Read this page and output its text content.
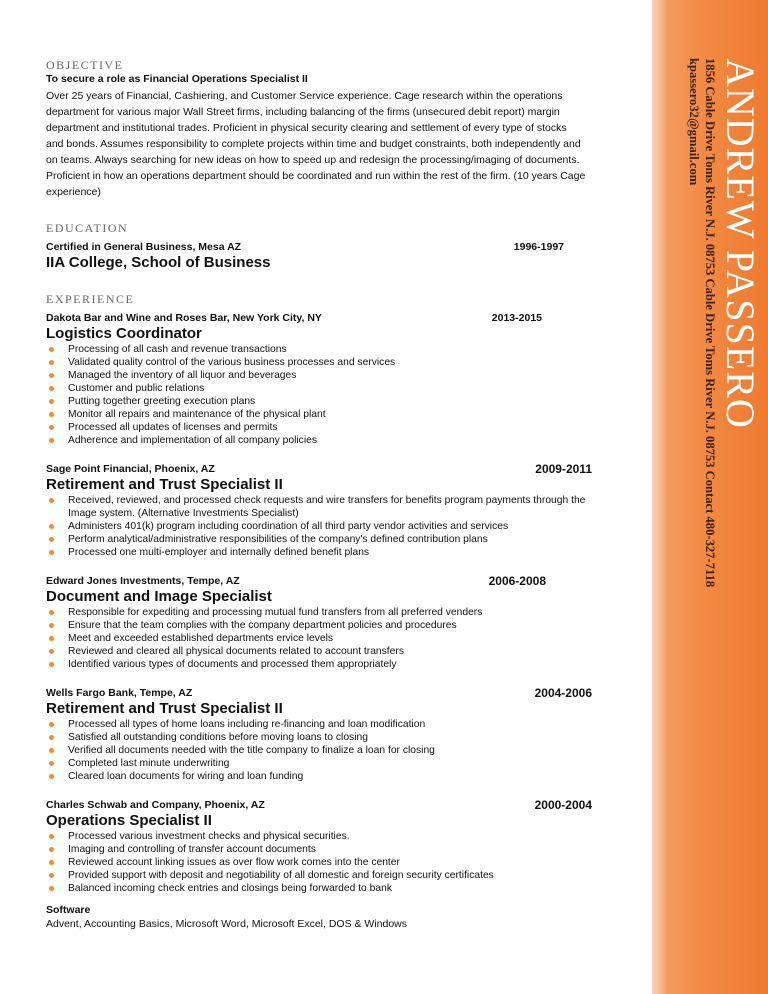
ANDREW PASSERO
1856 Cable Drive Toms River N.J. 08753 Cable Drive Toms River N.J. 08753 Contact 480-327-7118
kpassero32@gmail.com

OBJECTIVE

To secure a role as Financial Operations Specialist II

Over 25 years of Financial, Cashiering, and Customer Service experience. Cage research within the operations department for various major Wall Street firms, including balancing of the firms (unsecured debit report) margin department and institutional trades. Proficient in physical security clearing and settlement of every type of stocks and bonds. Assumes responsibility to complete projects within time and budget constraints, both independently and on teams. Always searching for new ideas on how to speed up and redesign the processing/imaging of documents. Proficient in how an operations department should be coordinated and run within the rest of the firm. (10 years Cage experience)

EDUCATION

Certified in General Business, Mesa AZ	1996-1997
IIA College, School of Business

EXPERIENCE

Dakota Bar and Wine and Roses Bar, New York City, NY	2013-2015
Logistics Coordinator
Processing of all cash and revenue transactions
Validated quality control of the various business processes and services
Managed the inventory of all liquor and beverages
Customer and public relations
Putting together greeting execution plans
Monitor all repairs and maintenance of the physical plant
Processed all updates of licenses and permits
Adherence and implementation of all company policies
Sage Point Financial, Phoenix, AZ	2009-2011
Retirement and Trust Specialist II
Received, reviewed, and processed check requests and wire transfers for benefits program payments through the Image system. (Alternative Investments Specialist)
Administers 401(k) program including coordination of all third party vendor activities and services
Perform analytical/administrative responsibilities of the company's defined contribution plans
Processed one multi-employer and internally defined benefit plans
Edward Jones Investments, Tempe, AZ	2006-2008
Document and Image Specialist
Responsible for expediting and processing mutual fund transfers from all preferred venders
Ensure that the team complies with the company department policies and procedures
Meet and exceeded established departments ervice levels
Reviewed and cleared all physical documents related to account transfers
Identified various types of documents and processed them appropriately
Wells Fargo Bank, Tempe, AZ	2004-2006
Retirement and Trust Specialist II
Processed all types of home loans including re-financing and loan modification
Satisfied all outstanding conditions before moving loans to closing
Verified all documents needed with the title company to finalize a loan for closing
Completed last minute underwriting
Cleared loan documents for wiring and loan funding
Charles Schwab and Company, Phoenix, AZ	2000-2004
Operations Specialist II
Processed various investment checks and physical securities.
Imaging and controlling of transfer account documents
Reviewed account linking issues as over flow work comes into the center
Provided support with deposit and negotiability of all domestic and foreign security certificates
Balanced incoming check entries and closings being forwarded to bank
Software
Advent, Accounting Basics, Microsoft Word, Microsoft Excel, DOS & Windows
